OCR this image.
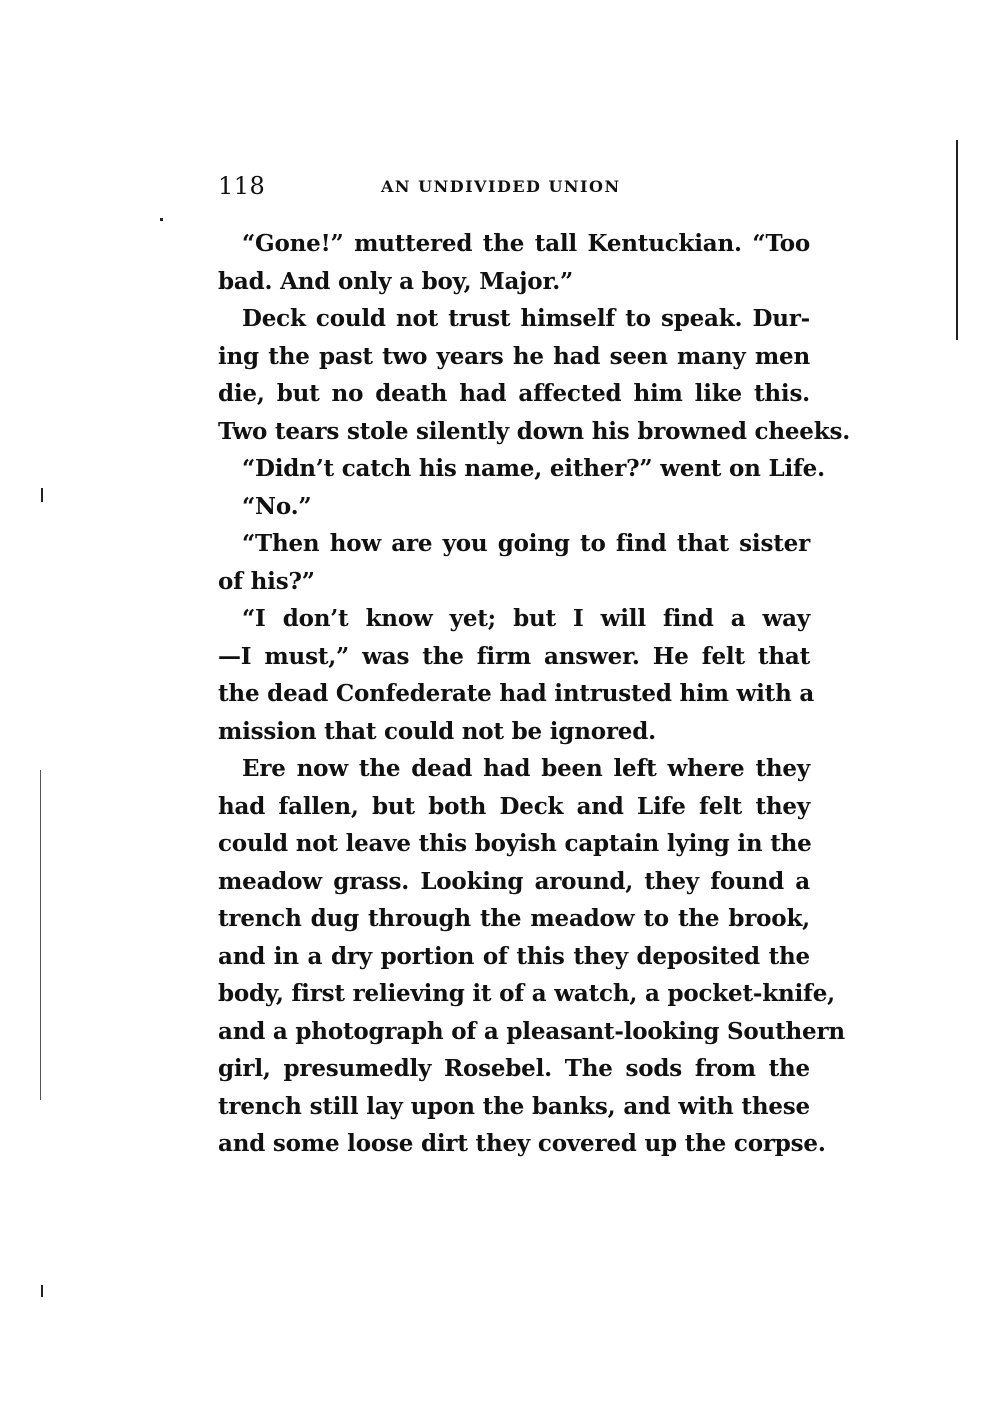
118	AN UNDIVIDED UNION
“Gone!” muttered the tall Kentuckian. “Too
bad. And only a boy, Major.”
Deck could not trust himself to speak. Dur-
ing the past two years he had seen many men
die, but no death had affected him like this.
Two tears stole silently down his browned cheeks.
“Didn’t catch his name, either?” went on Life.
“No.”
“Then how are you going to find that sister
of his?”
“I don’t know yet; but I will find a way
—I must,” was the firm answer. He felt that
the dead Confederate had intrusted him with a
mission that could not be ignored.
Ere now the dead had been left where they
had fallen, but both Deck and Life felt they
could not leave this boyish captain lying in the
meadow grass. Looking around, they found a
trench dug through the meadow to the brook,
and in a dry portion of this they deposited the
body, first relieving it of a watch, a pocket-knife,
and a photograph of a pleasant-looking Southern
girl, presumedly Rosebel. The sods from the
trench still lay upon the banks, and with these
and some loose dirt they covered up the corpse.
